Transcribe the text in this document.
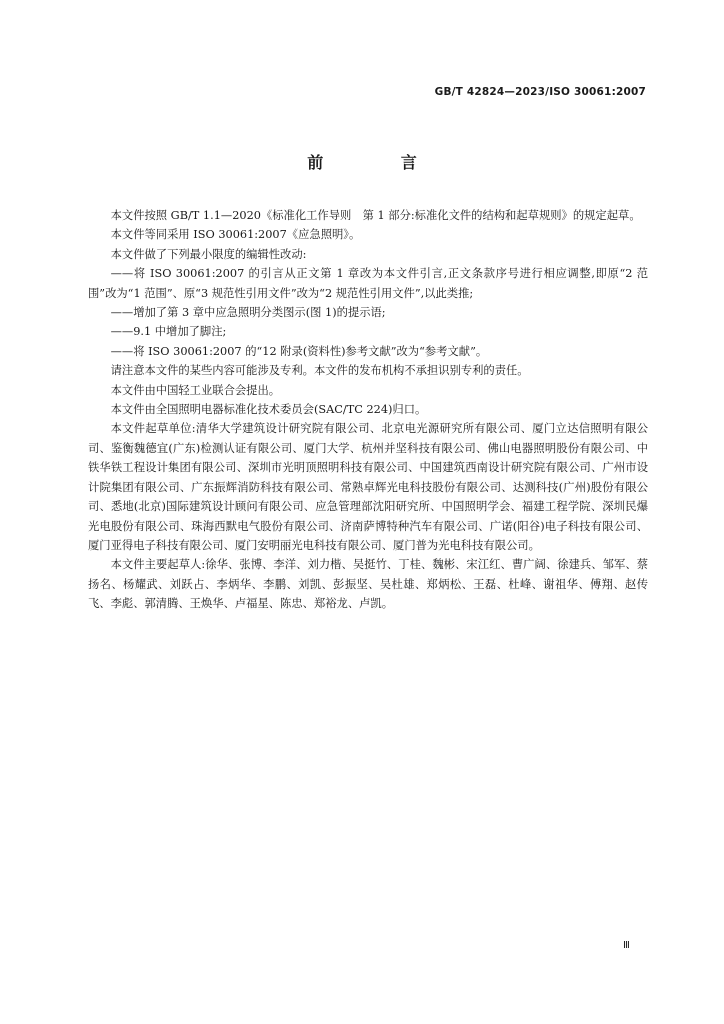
GB/T 42824—2023/ISO 30061:2007
前 言

本文件按照 GB/T 1.1—2020《标准化工作导则　第 1 部分:标准化文件的结构和起草规则》的规定起草。

本文件等同采用 ISO 30061:2007《应急照明》。

本文件做了下列最小限度的编辑性改动:

——将 ISO 30061:2007 的引言从正文第 1 章改为本文件引言,正文条款序号进行相应调整,即原“2 范围”改为“1 范围”、原“3 规范性引用文件”改为“2 规范性引用文件”,以此类推;

——增加了第 3 章中应急照明分类图示(图 1)的提示语;

——9.1 中增加了脚注;

——将 ISO 30061:2007 的“12 附录(资料性)参考文献”改为“参考文献”。

请注意本文件的某些内容可能涉及专利。本文件的发布机构不承担识别专利的责任。

本文件由中国轻工业联合会提出。

本文件由全国照明电器标准化技术委员会(SAC/TC 224)归口。

本文件起草单位:清华大学建筑设计研究院有限公司、北京电光源研究所有限公司、厦门立达信照明有限公司、鉴衡魏德宜(广东)检测认证有限公司、厦门大学、杭州并坚科技有限公司、佛山电器照明股份有限公司、中铁华铁工程设计集团有限公司、深圳市光明顶照明科技有限公司、中国建筑西南设计研究院有限公司、广州市设计院集团有限公司、广东振辉消防科技有限公司、常熟卓辉光电科技股份有限公司、达测科技(广州)股份有限公司、悉地(北京)国际建筑设计顾问有限公司、应急管理部沈阳研究所、中国照明学会、福建工程学院、深圳民爆光电股份有限公司、珠海西默电气股份有限公司、济南萨博特种汽车有限公司、广诺(阳谷)电子科技有限公司、厦门亚得电子科技有限公司、厦门安明丽光电科技有限公司、厦门普为光电科技有限公司。

本文件主要起草人:徐华、张博、李洋、刘力楷、吴挺竹、丁桂、魏彬、宋江红、曹广阔、徐建兵、邹军、蔡扬名、杨耀武、刘跃占、李炳华、李鹏、刘凯、彭振坚、吴杜雄、郑炳松、王磊、杜峰、谢祖华、傅翔、赵传飞、李彪、郭清腾、王焕华、卢福星、陈忠、郑裕龙、卢凯。

Ⅲ
